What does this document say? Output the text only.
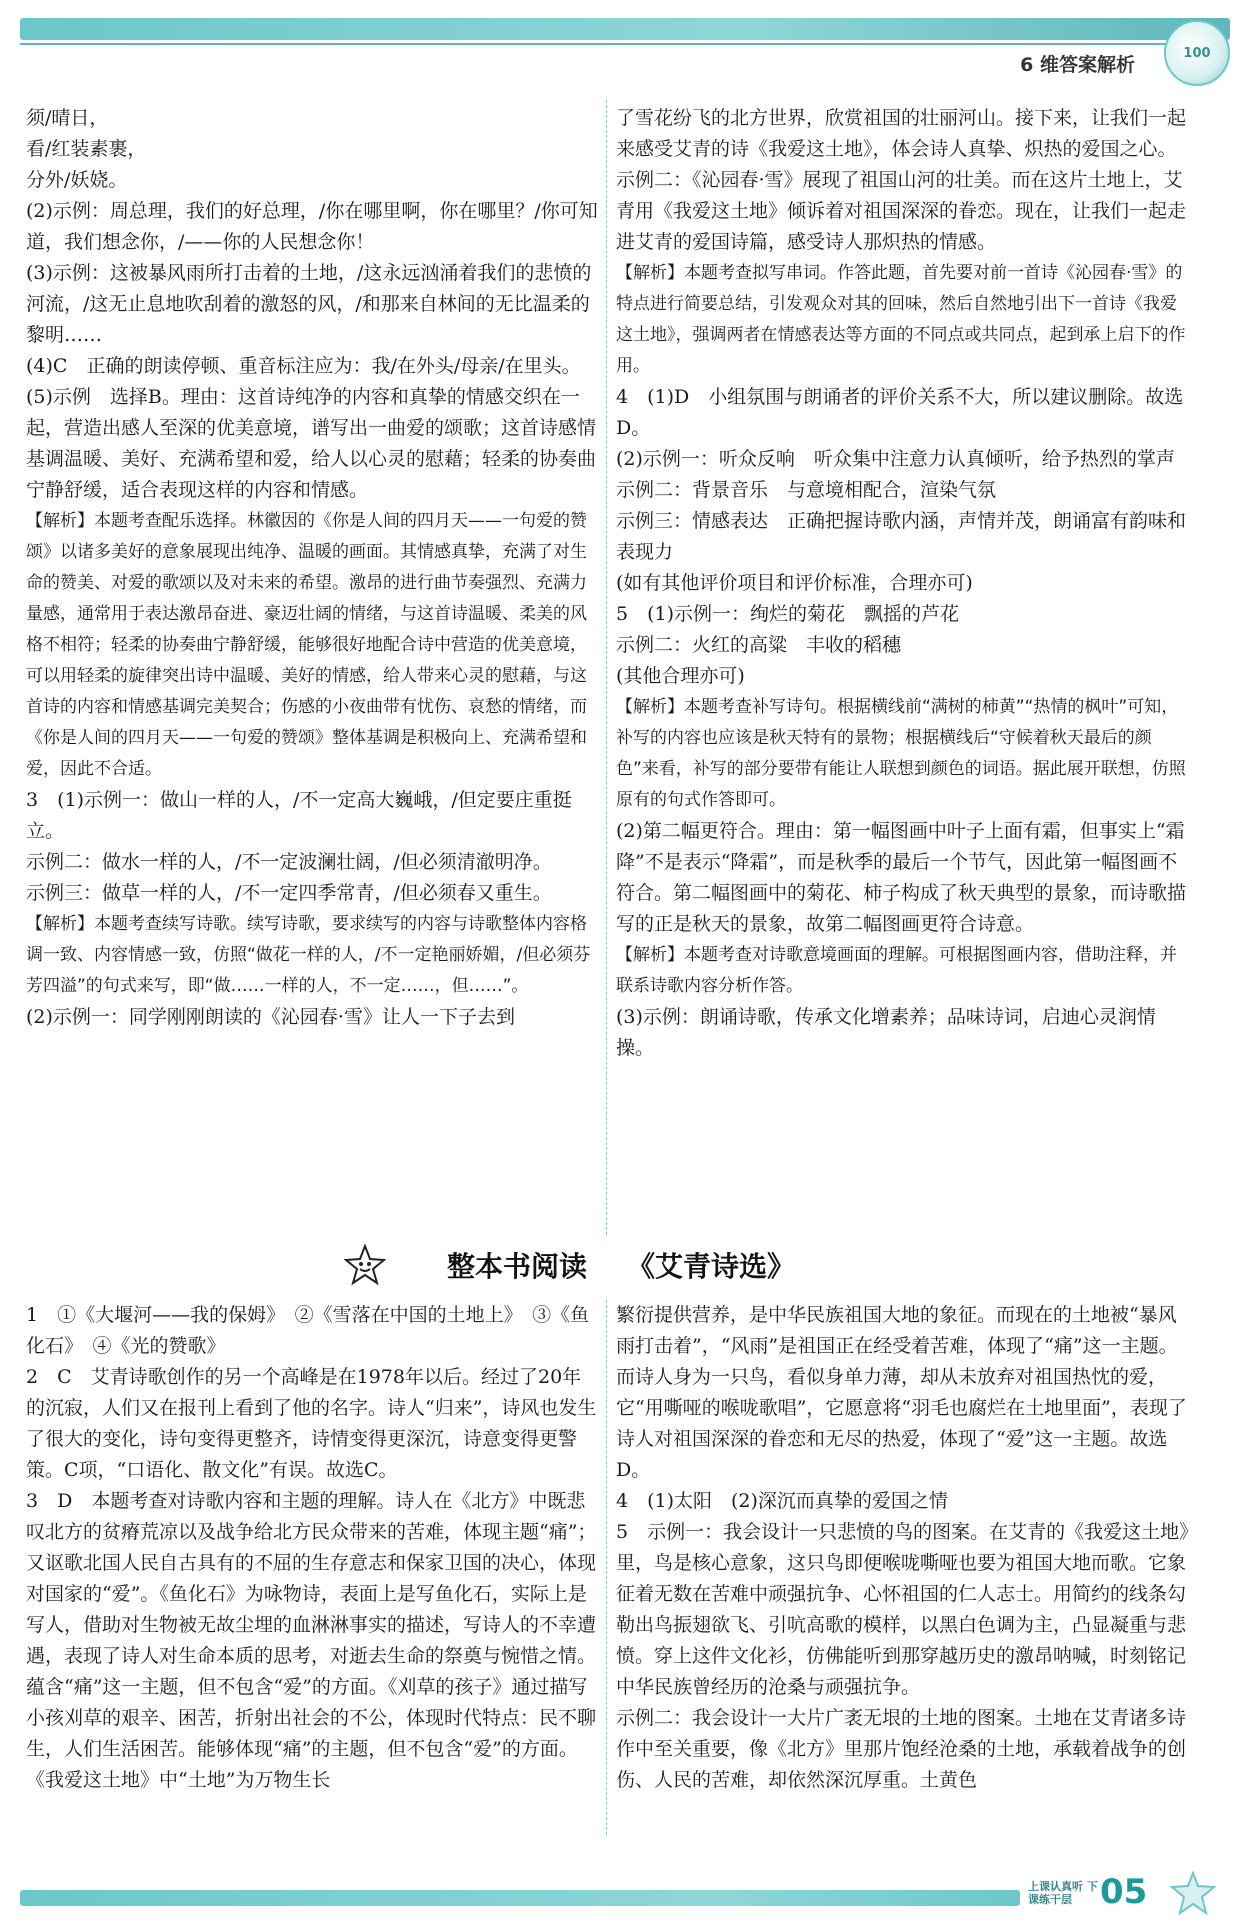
6 维答案解析
100

须/晴日，

看/红装素裹，

分外/妖娆。

(2)示例：周总理，我们的好总理，/你在哪里啊，你在哪里？/你可知道，我们想念你，/——你的人民想念你！

(3)示例：这被暴风雨所打击着的土地，/这永远汹涌着我们的悲愤的河流，/这无止息地吹刮着的激怒的风，/和那来自林间的无比温柔的黎明……

(4)C　正确的朗读停顿、重音标注应为：我/在外头/母亲/在里头。

(5)示例　选择B。理由：这首诗纯净的内容和真挚的情感交织在一起，营造出感人至深的优美意境，谱写出一曲爱的颂歌；这首诗感情基调温暖、美好、充满希望和爱，给人以心灵的慰藉；轻柔的协奏曲宁静舒缓，适合表现这样的内容和情感。

【解析】本题考查配乐选择。林徽因的《你是人间的四月天——一句爱的赞颂》以诸多美好的意象展现出纯净、温暖的画面。其情感真挚，充满了对生命的赞美、对爱的歌颂以及对未来的希望。激昂的进行曲节奏强烈、充满力量感，通常用于表达激昂奋进、豪迈壮阔的情绪，与这首诗温暖、柔美的风格不相符；轻柔的协奏曲宁静舒缓，能够很好地配合诗中营造的优美意境，可以用轻柔的旋律突出诗中温暖、美好的情感，给人带来心灵的慰藉，与这首诗的内容和情感基调完美契合；伤感的小夜曲带有忧伤、哀愁的情绪，而《你是人间的四月天——一句爱的赞颂》整体基调是积极向上、充满希望和爱，因此不合适。

3　(1)示例一：做山一样的人，/不一定高大巍峨，/但定要庄重挺立。

示例二：做水一样的人，/不一定波澜壮阔，/但必须清澈明净。

示例三：做草一样的人，/不一定四季常青，/但必须春又重生。

【解析】本题考查续写诗歌。续写诗歌，要求续写的内容与诗歌整体内容格调一致、内容情感一致，仿照“做花一样的人，/不一定艳丽娇媚，/但必须芬芳四溢”的句式来写，即“做……一样的人，不一定……，但……”。

(2)示例一：同学刚刚朗读的《沁园春·雪》让人一下子去到

了雪花纷飞的北方世界，欣赏祖国的壮丽河山。接下来，让我们一起来感受艾青的诗《我爱这土地》，体会诗人真挚、炽热的爱国之心。

示例二：《沁园春·雪》展现了祖国山河的壮美。而在这片土地上，艾青用《我爱这土地》倾诉着对祖国深深的眷恋。现在，让我们一起走进艾青的爱国诗篇，感受诗人那炽热的情感。

【解析】本题考查拟写串词。作答此题，首先要对前一首诗《沁园春·雪》的特点进行简要总结，引发观众对其的回味，然后自然地引出下一首诗《我爱这土地》，强调两者在情感表达等方面的不同点或共同点，起到承上启下的作用。

4　(1)D　小组氛围与朗诵者的评价关系不大，所以建议删除。故选D。

(2)示例一：听众反响　听众集中注意力认真倾听，给予热烈的掌声

示例二：背景音乐　与意境相配合，渲染气氛

示例三：情感表达　正确把握诗歌内涵，声情并茂，朗诵富有韵味和表现力

(如有其他评价项目和评价标准，合理亦可)

5　(1)示例一：绚烂的菊花　飘摇的芦花

示例二：火红的高粱　丰收的稻穗

(其他合理亦可)

【解析】本题考查补写诗句。根据横线前“满树的柿黄”“热情的枫叶”可知，补写的内容也应该是秋天特有的景物；根据横线后“守候着秋天最后的颜色”来看，补写的部分要带有能让人联想到颜色的词语。据此展开联想，仿照原有的句式作答即可。

(2)第二幅更符合。理由：第一幅图画中叶子上面有霜，但事实上“霜降”不是表示“降霜”，而是秋季的最后一个节气，因此第一幅图画不符合。第二幅图画中的菊花、柿子构成了秋天典型的景象，而诗歌描写的正是秋天的景象，故第二幅图画更符合诗意。

【解析】本题考查对诗歌意境画面的理解。可根据图画内容，借助注释，并联系诗歌内容分析作答。

(3)示例：朗诵诗歌，传承文化增素养；品味诗词，启迪心灵润情操。

整本书阅读 《艾青诗选》

1　①《大堰河——我的保姆》　②《雪落在中国的土地上》　③《鱼化石》　④《光的赞歌》

2　C　艾青诗歌创作的另一个高峰是在1978年以后。经过了20年的沉寂，人们又在报刊上看到了他的名字。诗人“归来”，诗风也发生了很大的变化，诗句变得更整齐，诗情变得更深沉，诗意变得更警策。C项，“口语化、散文化”有误。故选C。

3　D　本题考查对诗歌内容和主题的理解。诗人在《北方》中既悲叹北方的贫瘠荒凉以及战争给北方民众带来的苦难，体现主题“痛”；又讴歌北国人民自古具有的不屈的生存意志和保家卫国的决心，体现对国家的“爱”。《鱼化石》为咏物诗，表面上是写鱼化石，实际上是写人，借助对生物被无故尘埋的血淋淋事实的描述，写诗人的不幸遭遇，表现了诗人对生命本质的思考，对逝去生命的祭奠与惋惜之情。蕴含“痛”这一主题，但不包含“爱”的方面。《刈草的孩子》通过描写小孩刈草的艰辛、困苦，折射出社会的不公，体现时代特点：民不聊生，人们生活困苦。能够体现“痛”的主题，但不包含“爱”的方面。《我爱这土地》中“土地”为万物生长

繁衍提供营养，是中华民族祖国大地的象征。而现在的土地被“暴风雨打击着”，“风雨”是祖国正在经受着苦难，体现了“痛”这一主题。而诗人身为一只鸟，看似身单力薄，却从未放弃对祖国热忱的爱，它“用嘶哑的喉咙歌唱”，它愿意将“羽毛也腐烂在土地里面”，表现了诗人对祖国深深的眷恋和无尽的热爱，体现了“爱”这一主题。故选D。

4　(1)太阳　(2)深沉而真挚的爱国之情

5　示例一：我会设计一只悲愤的鸟的图案。在艾青的《我爱这土地》里，鸟是核心意象，这只鸟即便喉咙嘶哑也要为祖国大地而歌。它象征着无数在苦难中顽强抗争、心怀祖国的仁人志士。用简约的线条勾勒出鸟振翅欲飞、引吭高歌的模样，以黑白色调为主，凸显凝重与悲愤。穿上这件文化衫，仿佛能听到那穿越历史的激昂呐喊，时刻铭记中华民族曾经历的沧桑与顽强抗争。

示例二：我会设计一大片广袤无垠的土地的图案。土地在艾青诸多诗作中至关重要，像《北方》里那片饱经沧桑的土地，承载着战争的创伤、人民的苦难，却依然深沉厚重。土黄色

上课认真听 下课练干层 05
